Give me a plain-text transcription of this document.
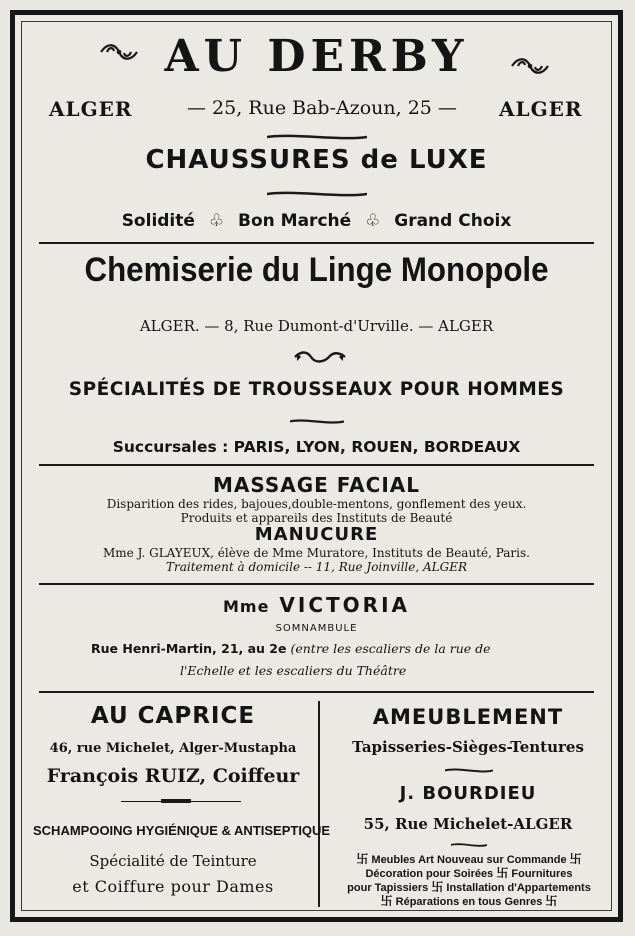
AU DERBY
ALGER	— 25, Rue Bab-Azoun, 25 — ALGER
CHAUSSURES de LUXE
Solidité ♧ Bon Marché ♧ Grand Choix
Chemiserie du Linge Monopole
ALGER. — 8, Rue Dumont-d'Urville. — ALGER
SPÉCIALITÉS DE TROUSSEAUX POUR HOMMES
Succursales : PARIS, LYON, ROUEN, BORDEAUX
MASSAGE FACIAL
Disparition des rides, bajoues,double-mentons, gonflement des yeux.
Produits et appareils des Instituts de Beauté
MANUCURE
Mme J. GLAYEUX, élève de Mme Muratore, Instituts de Beauté, Paris.
Traitement à domicile -- 11, Rue Joinville, ALGER
Mme VICTORIA
SOMNAMBULE
Rue Henri-Martin, 21, au 2e (entre les escaliers de la rue de
l'Echelle et les escaliers du Théâtre
AU CAPRICE
46, rue Michelet, Alger-Mustapha
François RUIZ, Coiffeur
SCHAMPOOING HYGIÉNIQUE & ANTISEPTIQUE
Spécialité de Teinture
et Coiffure pour Dames
AMEUBLEMENT
Tapisseries-Sièges-Tentures
J. BOURDIEU
55, Rue Michelet-ALGER
卐 Meubles Art Nouveau sur Commande 卐
Décoration pour Soirées 卐 Fournitures
pour Tapissiers 卐 Installation d'Appartements
卐 Réparations en tous Genres 卐
